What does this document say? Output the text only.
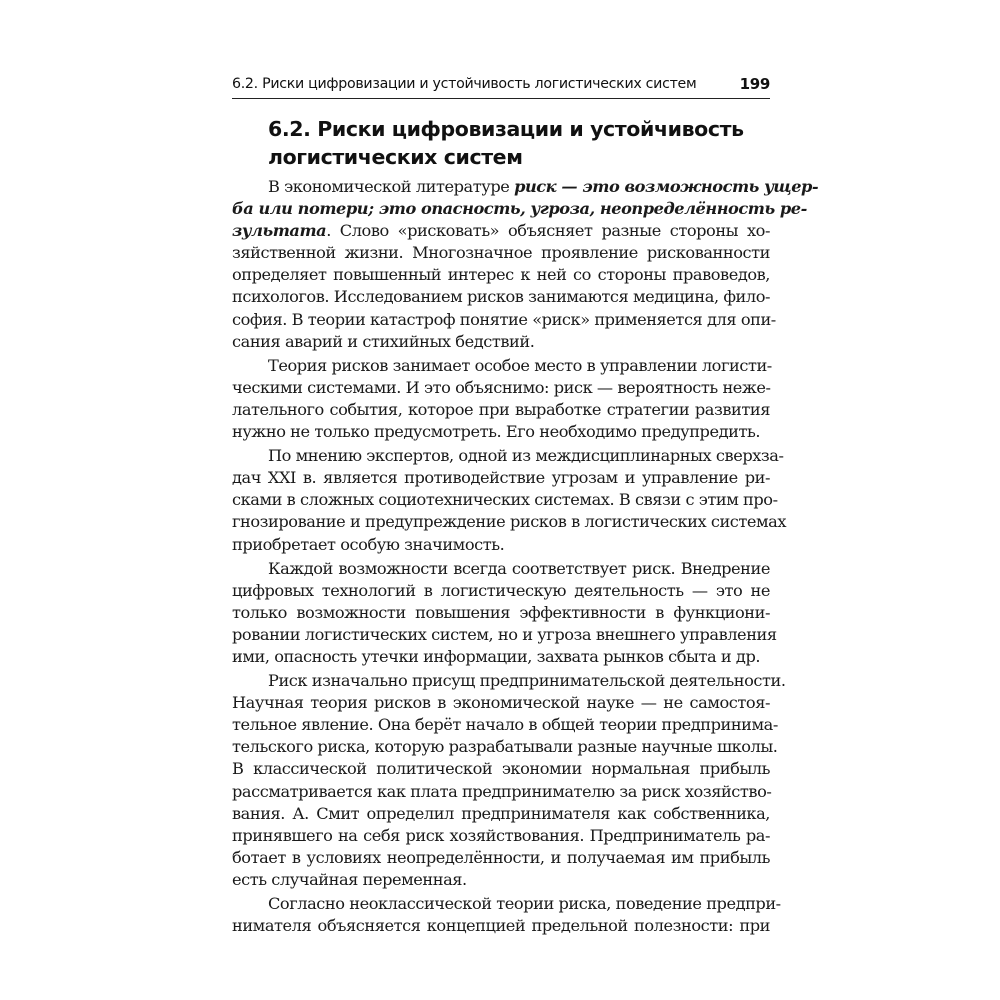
6.2. Риски цифровизации и устойчивость логистических систем	199
6.2. Риски цифровизации и устойчивость
логистических систем
В экономической литературе риск — это возможность ущер-
ба или потери; это опасность, угроза, неопределённость ре-
зультата. Слово «рисковать» объясняет разные стороны хо-
зяйственной жизни. Многозначное проявление рискованности
определяет повышенный интерес к ней со стороны правоведов,
психологов. Исследованием рисков занимаются медицина, фило-
софия. В теории катастроф понятие «риск» применяется для опи-
сания аварий и стихийных бедствий.
Теория рисков занимает особое место в управлении логисти-
ческими системами. И это объяснимо: риск — вероятность неже-
лательного события, которое при выработке стратегии развития
нужно не только предусмотреть. Его необходимо предупредить.
По мнению экспертов, одной из междисциплинарных сверхза-
дач XXI в. является противодействие угрозам и управление ри-
сками в сложных социотехнических системах. В связи с этим про-
гнозирование и предупреждение рисков в логистических системах
приобретает особую значимость.
Каждой возможности всегда соответствует риск. Внедрение
цифровых технологий в логистическую деятельность — это не
только возможности повышения эффективности в функциони-
ровании логистических систем, но и угроза внешнего управления
ими, опасность утечки информации, захвата рынков сбыта и др.
Риск изначально присущ предпринимательской деятельности.
Научная теория рисков в экономической науке — не самостоя-
тельное явление. Она берёт начало в общей теории предпринима-
тельского риска, которую разрабатывали разные научные школы.
В классической политической экономии нормальная прибыль
рассматривается как плата предпринимателю за риск хозяйство-
вания. А. Смит определил предпринимателя как собственника,
принявшего на себя риск хозяйствования. Предприниматель ра-
ботает в условиях неопределённости, и получаемая им прибыль
есть случайная переменная.
Согласно неоклассической теории риска, поведение предпри-
нимателя объясняется концепцией предельной полезности: при
